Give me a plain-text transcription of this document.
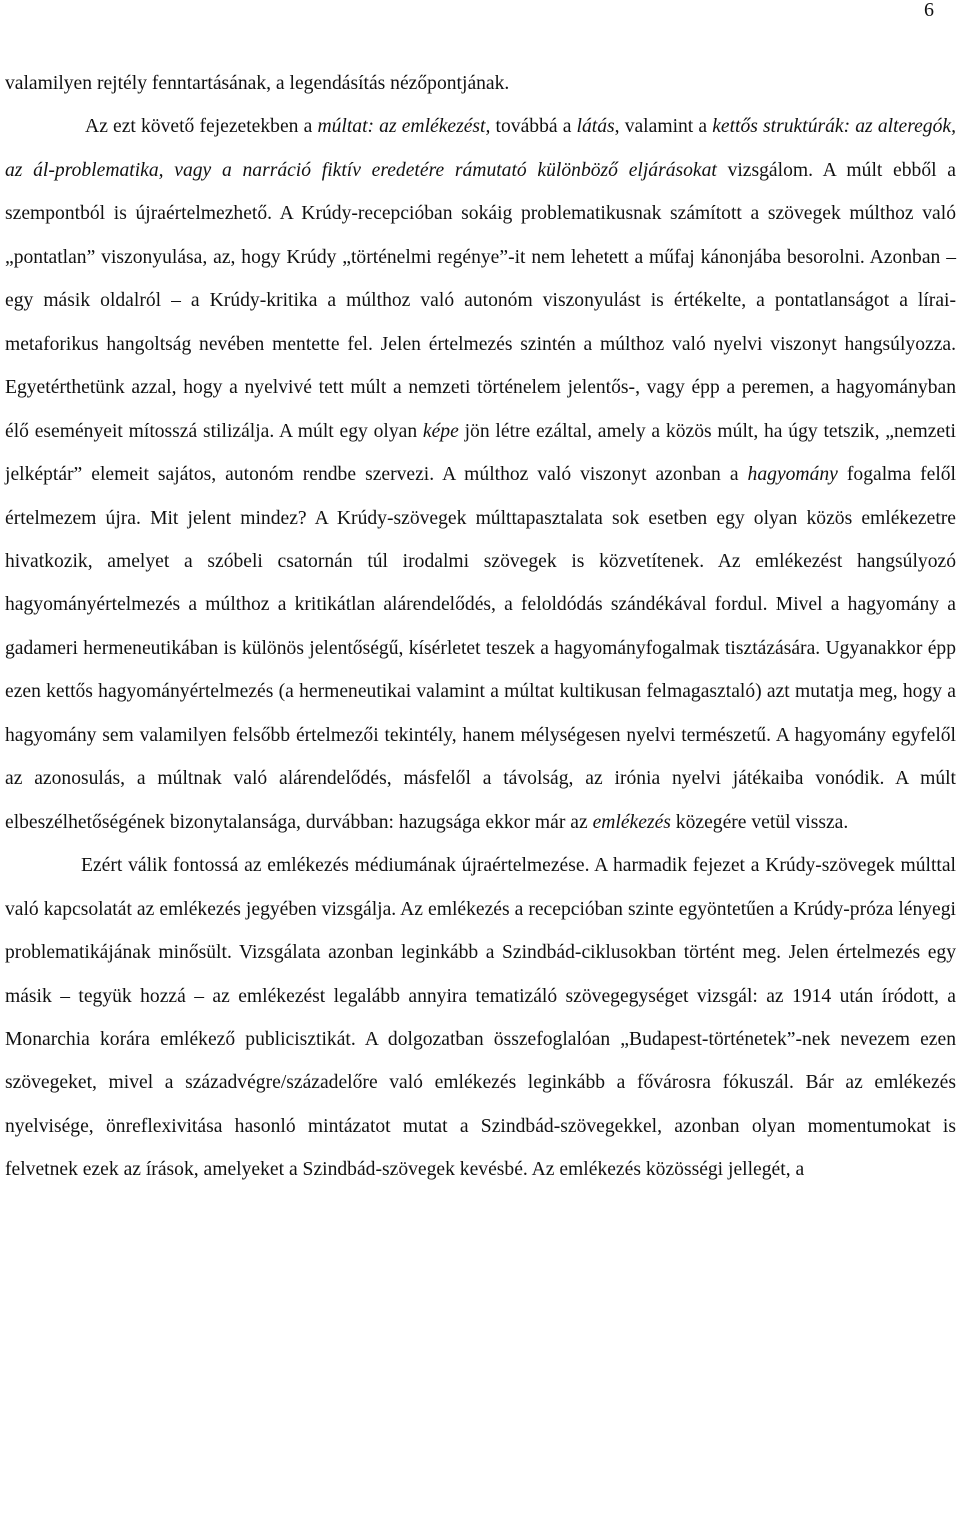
6

valamilyen rejtély fenntartásának, a legendásítás nézőpontjának.
Az ezt követő fejezetekben a múltat: az emlékezést, továbbá a látás, valamint a kettős struktúrák: az alteregók, az ál-problematika, vagy a narráció fiktív eredetére rámutató különböző eljárásokat vizsgálom. A múlt ebből a szempontból is újraértelmezhető. A Krúdy-recepcióban sokáig problematikusnak számított a szövegek múlthoz való „pontatlan” viszonyulása, az, hogy Krúdy „történelmi regénye”-it nem lehetett a műfaj kánonjába besorolni. Azonban – egy másik oldalról – a Krúdy-kritika a múlthoz való autonóm viszonyulást is értékelte, a pontatlanságot a lírai-metaforikus hangoltság nevében mentette fel. Jelen értelmezés szintén a múlthoz való nyelvi viszonyt hangsúlyozza. Egyetérthetünk azzal, hogy a nyelvivé tett múlt a nemzeti történelem jelentős-, vagy épp a peremen, a hagyományban élő eseményeit mítosszá stilizálja. A múlt egy olyan képe jön létre ezáltal, amely a közös múlt, ha úgy tetszik, „nemzeti jelképtár” elemeit sajátos, autonóm rendbe szervezi. A múlthoz való viszonyt azonban a hagyomány fogalma felől értelmezem újra. Mit jelent mindez? A Krúdy-szövegek múlttapasztalata sok esetben egy olyan közös emlékezetre hivatkozik, amelyet a szóbeli csatornán túl irodalmi szövegek is közvetítenek. Az emlékezést hangsúlyozó hagyományértelmezés a múlthoz a kritikátlan alárendelődés, a feloldódás szándékával fordul. Mivel a hagyomány a gadameri hermeneutikában is különös jelentőségű, kísérletet teszek a hagyományfogalmak tisztázására. Ugyanakkor épp ezen kettős hagyományértelmezés (a hermeneutikai valamint a múltat kultikusan felmagasztaló) azt mutatja meg, hogy a hagyomány sem valamilyen felsőbb értelmezői tekintély, hanem mélységesen nyelvi természetű. A hagyomány egyfelől az azonosulás, a múltnak való alárendelődés, másfelől a távolság, az irónia nyelvi játékaiba vonódik. A múlt elbeszélhetőségének bizonytalansága, durvábban: hazugsága ekkor már az emlékezés közegére vetül vissza.

Ezért válik fontossá az emlékezés médiumának újraértelmezése. A harmadik fejezet a Krúdy-szövegek múlttal való kapcsolatát az emlékezés jegyében vizsgálja. Az emlékezés a recepcióban szinte egyöntetűen a Krúdy-próza lényegi problematikájának minősült. Vizsgálata azonban leginkább a Szindbád-ciklusokban történt meg. Jelen értelmezés egy másik – tegyük hozzá – az emlékezést legalább annyira tematizáló szövegegységet vizsgál: az 1914 után íródott, a Monarchia korára emlékező publicisztikát. A dolgozatban összefoglalóan „Budapest-történetek”-nek nevezem ezen szövegeket, mivel a századvégre/századelőre való emlékezés leginkább a fővárosra fókuszál. Bár az emlékezés nyelvisége, önreflexivitása hasonló mintázatot mutat a Szindbád-szövegekkel, azonban olyan momentumokat is felvetnek ezek az írások, amelyeket a Szindbád-szövegek kevésbé. Az emlékezés közösségi jellegét, a
